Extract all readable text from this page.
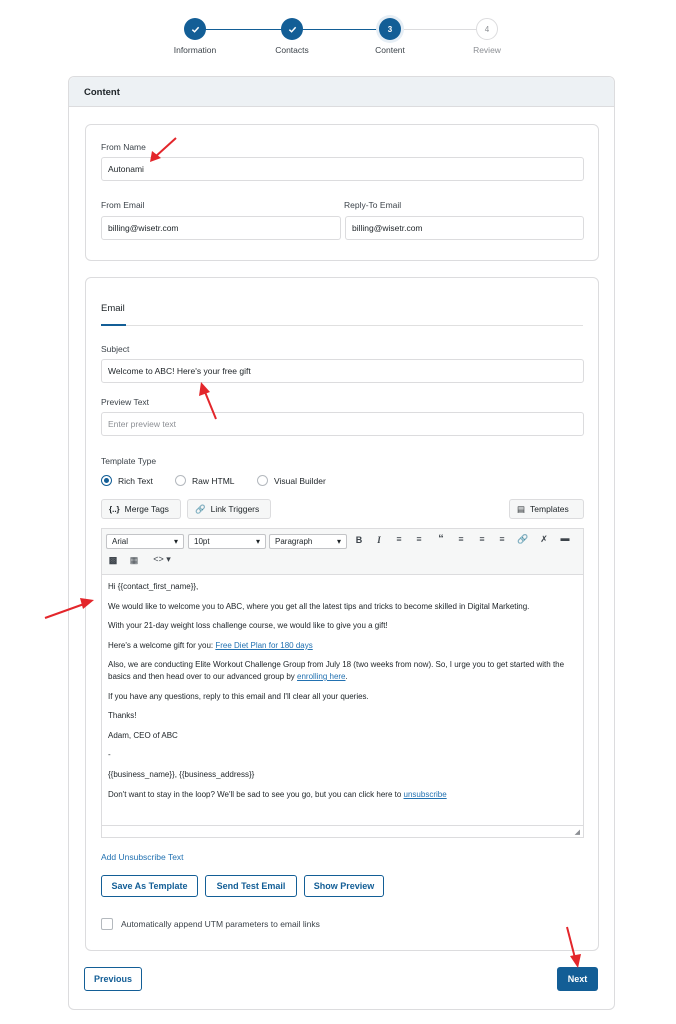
Information	Contacts
3
Content
4
Review
Content
From Name
Autonami
From Email
billing@wisetr.com
Reply-To Email
billing@wisetr.com
Email
Subject
Welcome to ABC! Here's your free gift
Preview Text
Enter preview text
Template Type
Rich Text	Raw HTML	Visual Builder
{..} Merge Tags	🔗 Link Triggers	▤ Templates
Arial	▾ 10pt	▾ Paragraph	▾	B	I	≡	≡	“	≡	≡	≡	🔗	✗	▬
▩	▦	<> ▾

Hi {{contact_first_name}},

We would like to welcome you to ABC, where you get all the latest tips and tricks to become skilled in Digital Marketing.

With your 21-day weight loss challenge course, we would like to give you a gift!

Here's a welcome gift for you: Free Diet Plan for 180 days

Also, we are conducting Elite Workout Challenge Group from July 18 (two weeks from now). So, I urge you to get started with the basics and then head over to our advanced group by enrolling here.

If you have any questions, reply to this email and I'll clear all your queries.

Thanks!

Adam, CEO of ABC

-

{{business_name}}, {{business_address}}

Don't want to stay in the loop? We'll be sad to see you go, but you can click here to unsubscribe

◢
Add Unsubscribe Text
Save As Template	Send Test Email	Show Preview
Automatically append UTM parameters to email links
Previous	Next
